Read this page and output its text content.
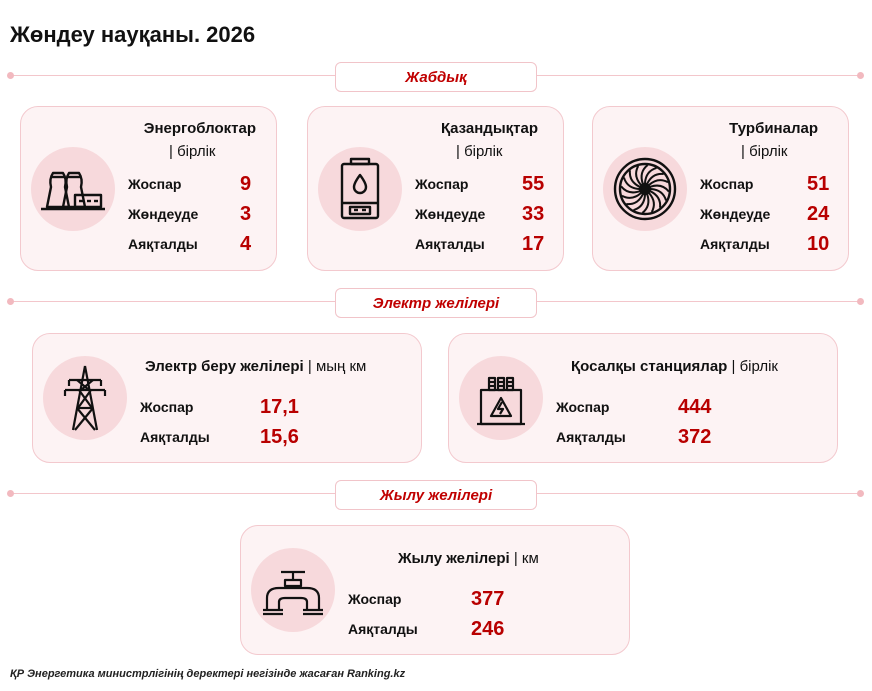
Жөндеу науқаны. 2026
Жабдық
Энергоблоктар
| бірлік
Жоспар	9
Жөндеуде 3
Аяқталды 4
Қазандықтар
| бірлік
Жоспар	55
Жөндеуде 33
Аяқталды 17
Турбиналар
| бірлік
Жоспар	51
Жөндеуде 24
Аяқталды 10
Электр желілері
Электр беру желілері | мың км
Жоспар	17,1
Аяқталды	15,6
Қосалқы станциялар | бірлік
Жоспар	444
Аяқталды	372
Жылу желілері
Жылу желілері | км
Жоспар	377
Аяқталды	246
ҚР Энергетика министрлігінің деректері негізінде жасаған Ranking.kz
